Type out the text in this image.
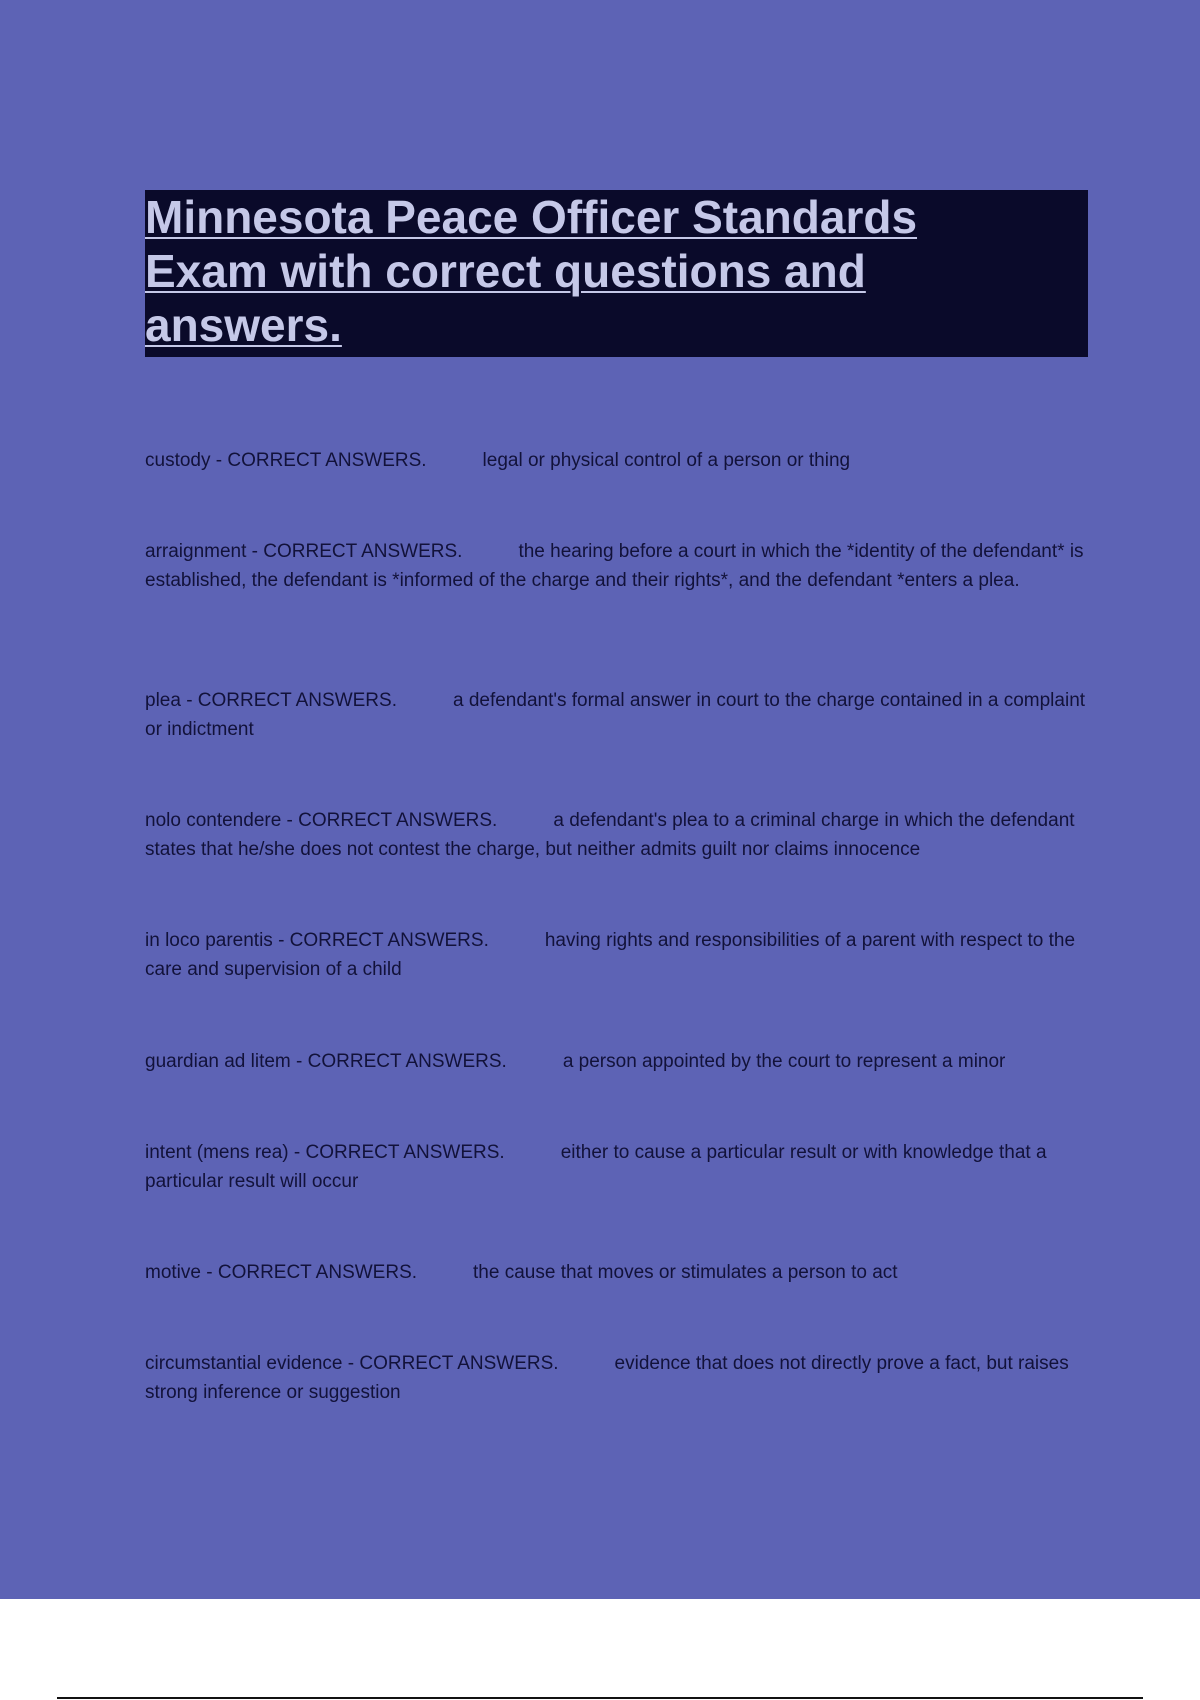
Minnesota Peace Officer Standards
Exam with correct questions and
answers.
custody - CORRECT ANSWERS.	legal or physical control of a person or thing
arraignment - CORRECT ANSWERS.	the hearing before a court in which the *identity of the defendant* is established, the defendant is *informed of the charge and their rights*, and the defendant *enters a plea.
plea - CORRECT ANSWERS.	a defendant's formal answer in court to the charge contained in a complaint or indictment
nolo contendere - CORRECT ANSWERS.	a defendant's plea to a criminal charge in which the defendant states that he/she does not contest the charge, but neither admits guilt nor claims innocence
in loco parentis - CORRECT ANSWERS.	having rights and responsibilities of a parent with respect to the care and supervision of a child
guardian ad litem - CORRECT ANSWERS.	a person appointed by the court to represent a minor
intent (mens rea) - CORRECT ANSWERS.	either to cause a particular result or with knowledge that a particular result will occur
motive - CORRECT ANSWERS.	the cause that moves or stimulates a person to act
circumstantial evidence - CORRECT ANSWERS.	evidence that does not directly prove a fact, but raises strong inference or suggestion
